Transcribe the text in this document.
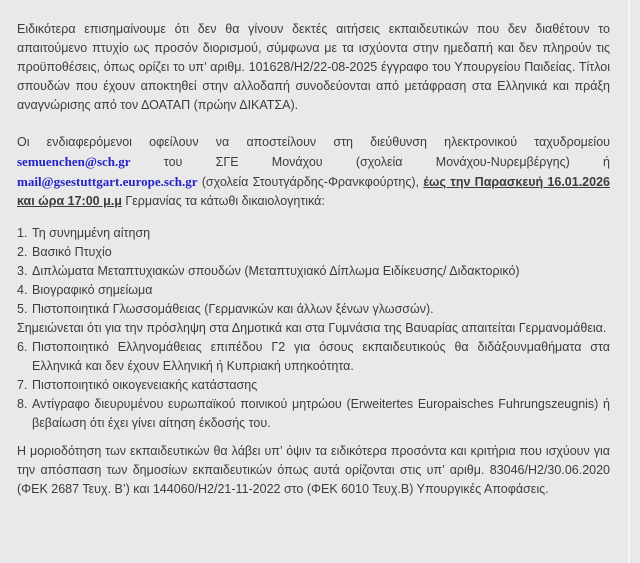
Ειδικότερα επισημαίνουμε ότι δεν θα γίνουν δεκτές αιτήσεις εκπαιδευτικών που δεν διαθέτουν το απαιτούμενο πτυχίο ως προσόν διορισμού, σύμφωνα με τα ισχύοντα στην ημεδαπή και δεν πληρούν τις προϋποθέσεις, όπως ορίζει το υπ’ αριθμ. 101628/Η2/22-08-2025 έγγραφο του Υπουργείου Παιδείας. Τίτλοι σπουδών που έχουν αποκτηθεί στην αλλοδαπή συνοδεύονται από μετάφραση στα Ελληνικά και πράξη αναγνώρισης από τον ΔΟΑΤΑΠ (πρώην ΔΙΚΑΤΣΑ).

Οι ενδιαφερόμενοι οφείλουν να αποστείλουν στη διεύθυνση ηλεκτρονικού ταχυδρομείου semuenchen@sch.gr του ΣΓΕ Μονάχου (σχολεία Μονάχου-Νυρεμβέργης) ή mail@gsestuttgart.europe.sch.gr (σχολεία Στουτγάρδης-Φρανκφούρτης), έως την Παρασκευή 16.01.2026 και ώρα 17:00 μ.μ Γερμανίας τα κάτωθι δικαιολογητικά:

1. Τη συνημμένη αίτηση
2. Βασικό Πτυχίο
3. Διπλώματα Μεταπτυχιακών σπουδών (Μεταπτυχιακό Δίπλωμα Ειδίκευσης/ Διδακτορικό)
4. Βιογραφικό σημείωμα
5. Πιστοποιητικά Γλωσσομάθειας (Γερμανικών και άλλων ξένων γλωσσών).
Σημειώνεται ότι για την πρόσληψη στα Δημοτικά και στα Γυμνάσια της Βαυαρίας απαιτείται Γερμανομάθεια.
6. Πιστοποιητικό Ελληνομάθειας επιπέδου Γ2 για όσους εκπαιδευτικούς θα διδάξουνμαθήματα στα Ελληνικά και δεν έχουν Ελληνική ή Κυπριακή υπηκοότητα.
7. Πιστοποιητικό οικογενειακής κατάστασης
8. Αντίγραφο διευρυμένου ευρωπαϊκού ποινικού μητρώου (Erweitertes Europaisches Fuhrungszeugnis) ή βεβαίωση ότι έχει γίνει αίτηση έκδοσής του.

Η μοριοδότηση των εκπαιδευτικών θα λάβει υπ’ όψιν τα ειδικότερα προσόντα και κριτήρια που ισχύουν για την απόσπαση των δημοσίων εκπαιδευτικών όπως αυτά ορίζονται στις υπ’ αριθμ. 83046/Η2/30.06.2020 (ΦΕΚ 2687 Τευχ. Β’) και 144060/Η2/21-11-2022 στο (ΦΕΚ 6010 Τευχ.Β) Υπουργικές Αποφάσεις.
